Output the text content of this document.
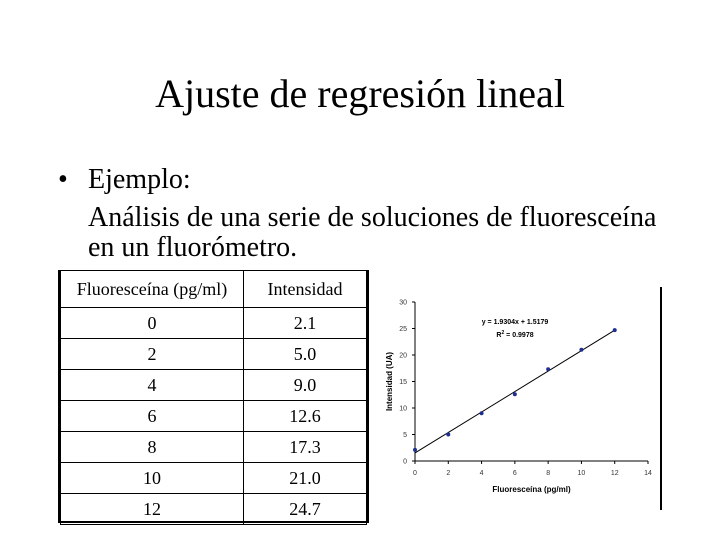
Ajuste de regresión lineal
• Ejemplo:
Análisis de una serie de soluciones de fluoresceína
en un fluorómetro.
Fluoresceína (pg/ml)	Intensidad
0	2.1
2	5.0
4	9.0
6	12.6
8	17.3
10	21.0
12	24.7
0
5
10
15
20
25
30
0	2	4	6	8	10	12	14
y = 1.9304x + 1.5179
$R^2 = 0.9978$
Fluoresceína (pg/ml)
Intensidad (UA)
